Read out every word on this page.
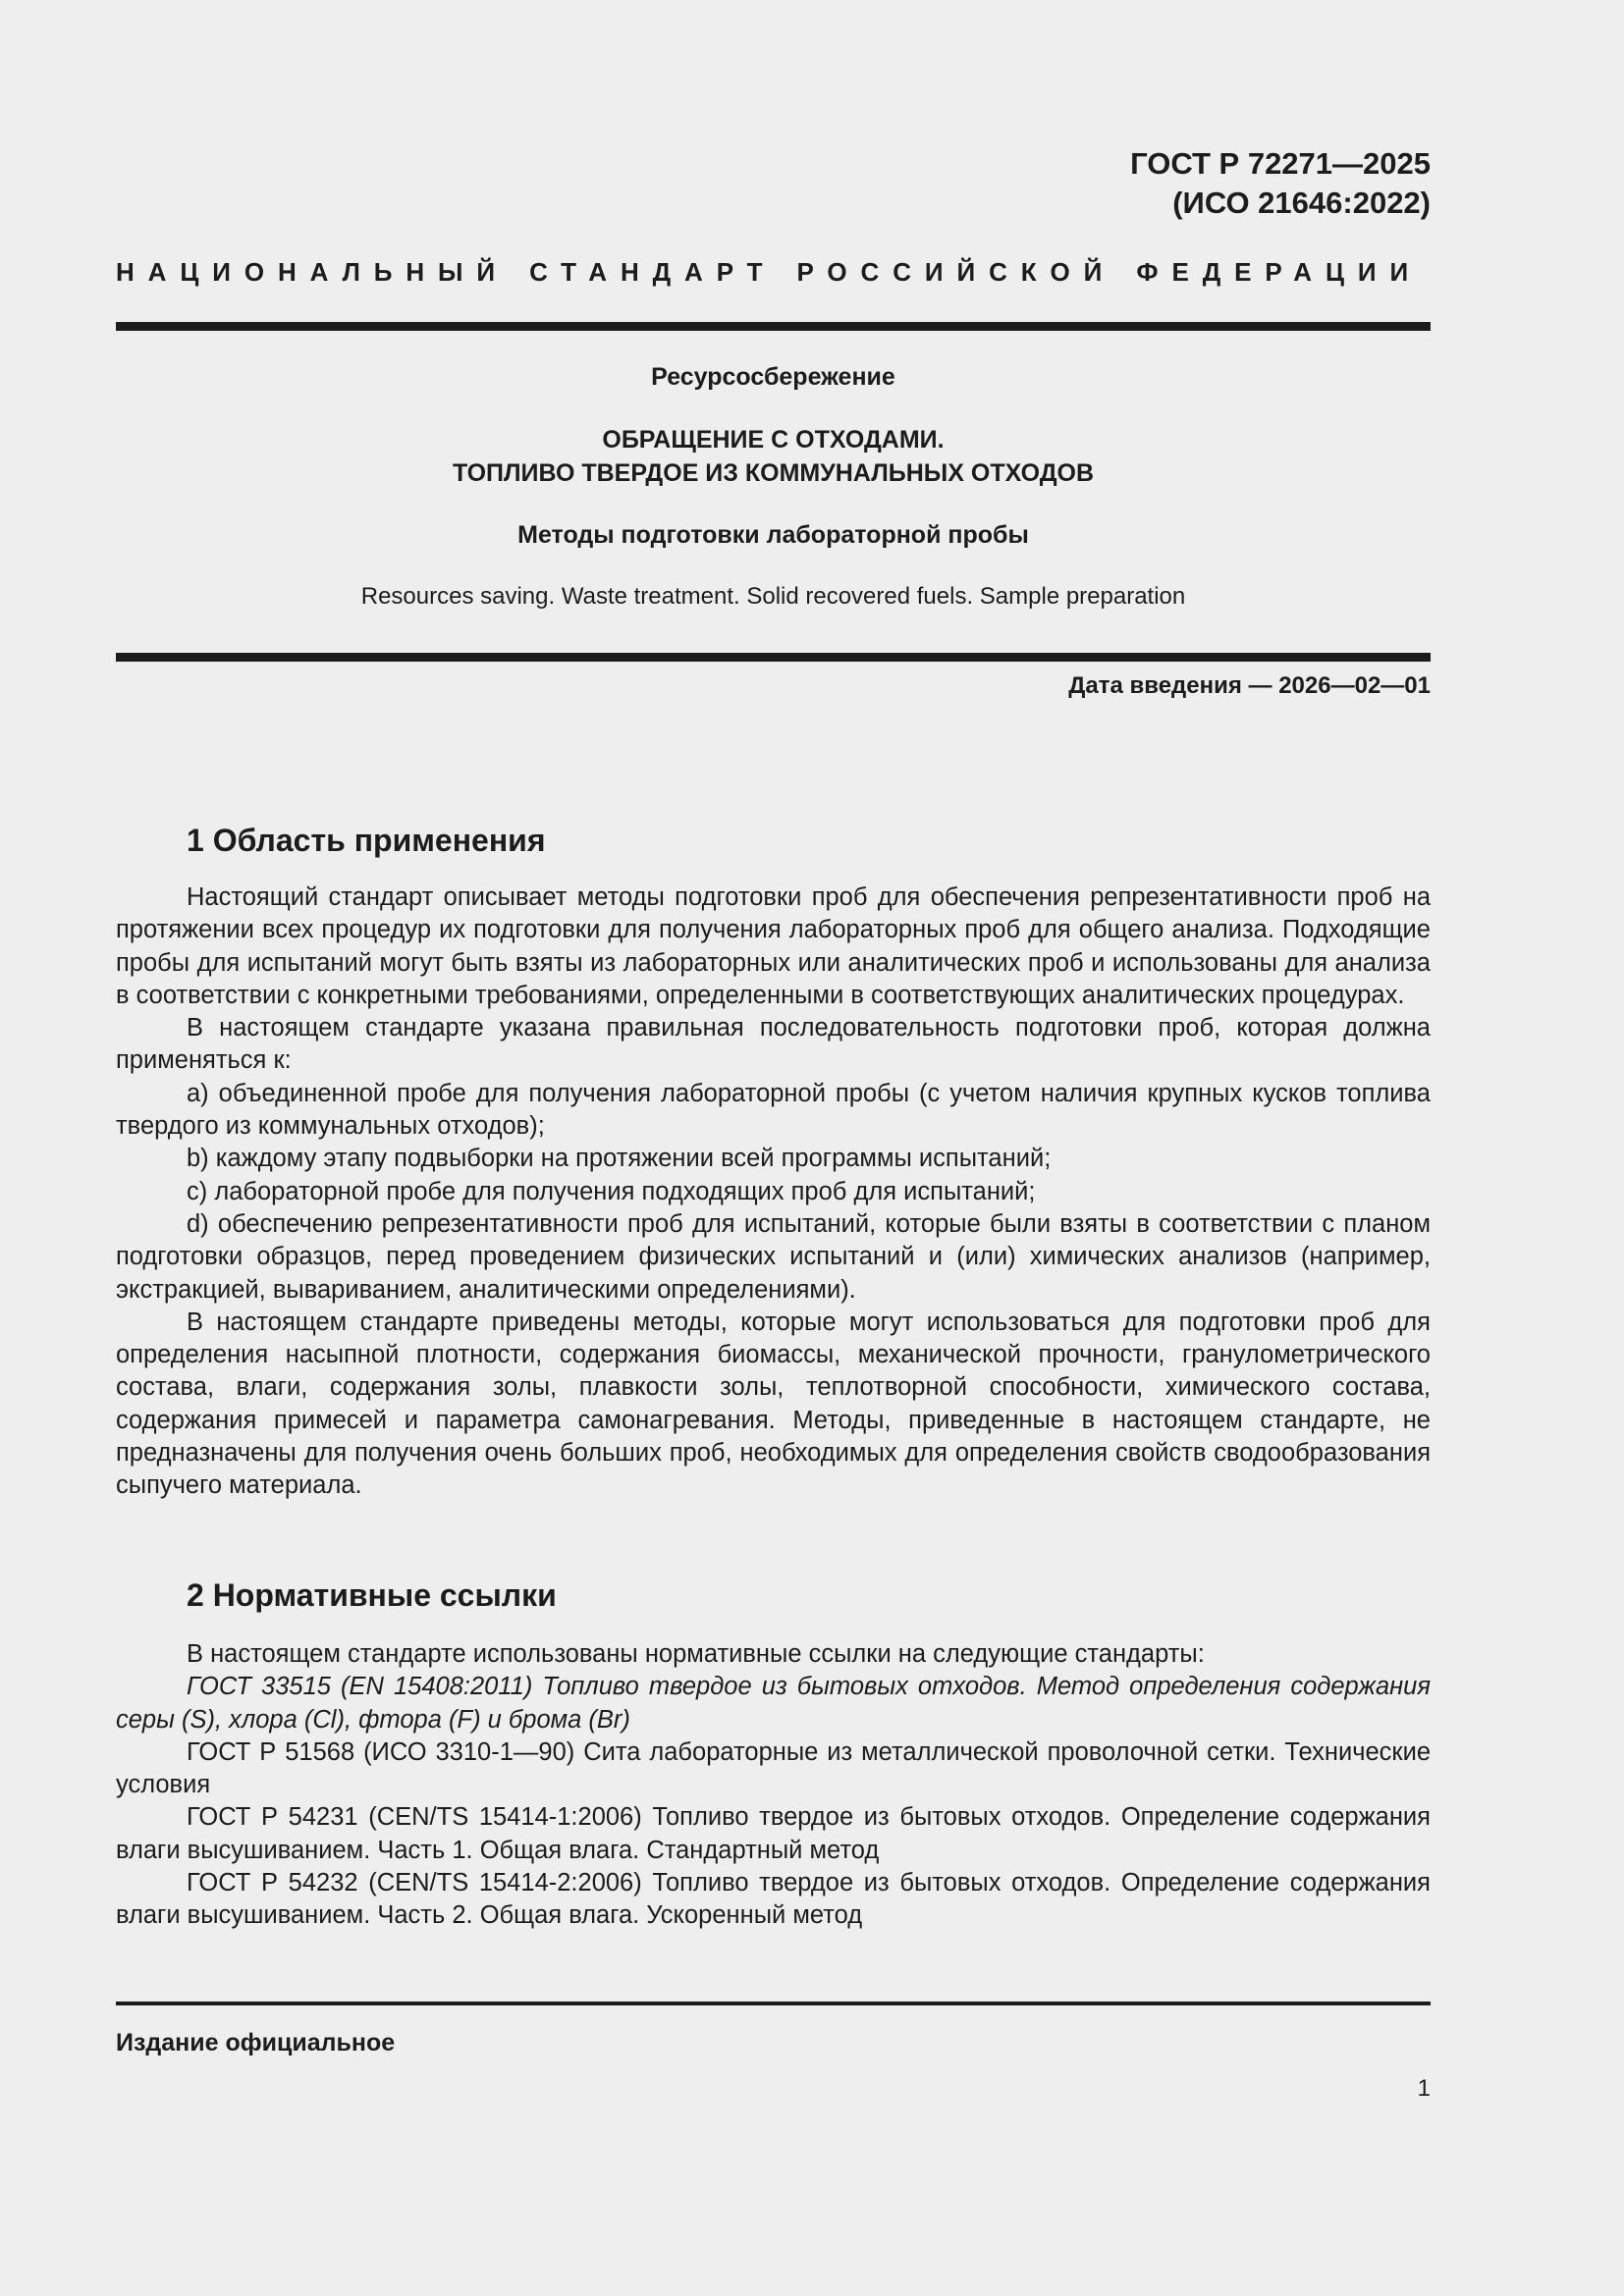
ГОСТ Р 72271—2025
(ИСО 21646:2022)
НАЦИОНАЛЬНЫЙ СТАНДАРТ РОССИЙСКОЙ ФЕДЕРАЦИИ
Ресурсосбережение
ОБРАЩЕНИЕ С ОТХОДАМИ.
ТОПЛИВО ТВЕРДОЕ ИЗ КОММУНАЛЬНЫХ ОТХОДОВ
Методы подготовки лабораторной пробы
Resources saving. Waste treatment. Solid recovered fuels. Sample preparation
Дата введения — 2026—02—01
1 Область применения

Настоящий стандарт описывает методы подготовки проб для обеспечения репрезентативности проб на протяжении всех процедур их подготовки для получения лабораторных проб для общего анализа. Подходящие пробы для испытаний могут быть взяты из лабораторных или аналитических проб и использованы для анализа в соответствии с конкретными требованиями, определенными в соответствующих аналитических процедурах.

В настоящем стандарте указана правильная последовательность подготовки проб, которая должна применяться к:

a) объединенной пробе для получения лабораторной пробы (с учетом наличия крупных кусков топлива твердого из коммунальных отходов);

b) каждому этапу подвыборки на протяжении всей программы испытаний;

c) лабораторной пробе для получения подходящих проб для испытаний;

d) обеспечению репрезентативности проб для испытаний, которые были взяты в соответствии с планом подготовки образцов, перед проведением физических испытаний и (или) химических анализов (например, экстракцией, вывариванием, аналитическими определениями).

В настоящем стандарте приведены методы, которые могут использоваться для подготовки проб для определения насыпной плотности, содержания биомассы, механической прочности, гранулометрического состава, влаги, содержания золы, плавкости золы, теплотворной способности, химического состава, содержания примесей и параметра самонагревания. Методы, приведенные в настоящем стандарте, не предназначены для получения очень больших проб, необходимых для определения свойств сводообразования сыпучего материала.

2 Нормативные ссылки

В настоящем стандарте использованы нормативные ссылки на следующие стандарты:

ГОСТ 33515 (EN 15408:2011) Топливо твердое из бытовых отходов. Метод определения содержания серы (S), хлора (Cl), фтора (F) и брома (Br)

ГОСТ Р 51568 (ИСО 3310-1—90) Сита лабораторные из металлической проволочной сетки. Технические условия

ГОСТ Р 54231 (CEN/TS 15414-1:2006) Топливо твердое из бытовых отходов. Определение содержания влаги высушиванием. Часть 1. Общая влага. Стандартный метод

ГОСТ Р 54232 (CEN/TS 15414-2:2006) Топливо твердое из бытовых отходов. Определение содержания влаги высушиванием. Часть 2. Общая влага. Ускоренный метод

Издание официальное
1
